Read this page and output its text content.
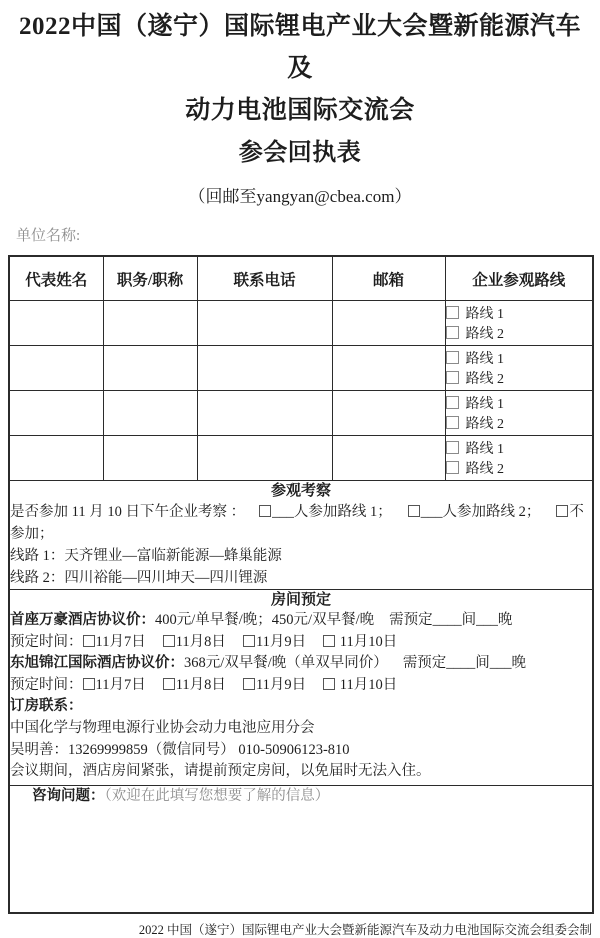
2022中国（遂宁）国际锂电产业大会暨新能源汽车及
动力电池国际交流会
参会回执表
（回邮至yangyan@cbea.com）
单位名称:
代表姓名	职务/职称	联系电话	邮箱	企业参观路线
				路线 1路线 2
				路线 1路线 2
				路线 1路线 2
				路线 1路线 2

参观考察
是否参加 11 月 10 日下午企业考察 ： ___人参加路线 1； ___人参加路线 2； 不参加；
线路 1：天齐锂业—富临新能源—蜂巢能源
线路 2：四川裕能—四川坤天—四川锂源				

房间预定
首座万豪酒店协议价：400元/单早餐/晚；450元/双早餐/晚 需预定____间___晚
预定时间： 11月7日 11月8日 11月9日 11月10日
东旭锦江国际酒店协议价：368元/双早餐/晚（单双早同价） 需预定____间___晚
预定时间： 11月7日 11月8日 11月9日 11月10日
订房联系：
中国化学与物理电源行业协会动力电池应用分会
吴明善：13269999859（微信同号） 010-50906123-810
会议期间，酒店房间紧张，请提前预定房间，以免届时无法入住。

咨询问题：（欢迎在此填写您想要了解的信息）				
2022 中国（遂宁）国际锂电产业大会暨新能源汽车及动力电池国际交流会组委会制
